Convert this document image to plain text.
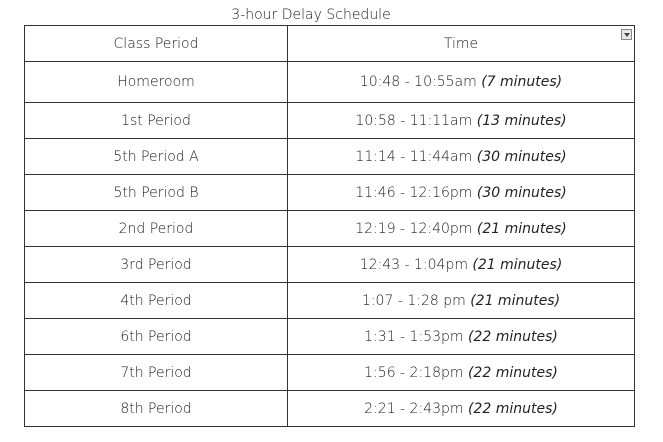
3-hour Delay Schedule
Class Period	Time

Homeroom	10:48 - 10:55am (7 minutes)
1st Period	10:58 - 11:11am (13 minutes)
5th Period A	11:14 - 11:44am (30 minutes)
5th Period B	11:46 - 12:16pm (30 minutes)
2nd Period	12:19 - 12:40pm (21 minutes)
3rd Period	12:43 - 1:04pm (21 minutes)
4th Period	1:07 - 1:28 pm (21 minutes)
6th Period	1:31 - 1:53pm (22 minutes)
7th Period	1:56 - 2:18pm (22 minutes)
8th Period	2:21 - 2:43pm (22 minutes)
